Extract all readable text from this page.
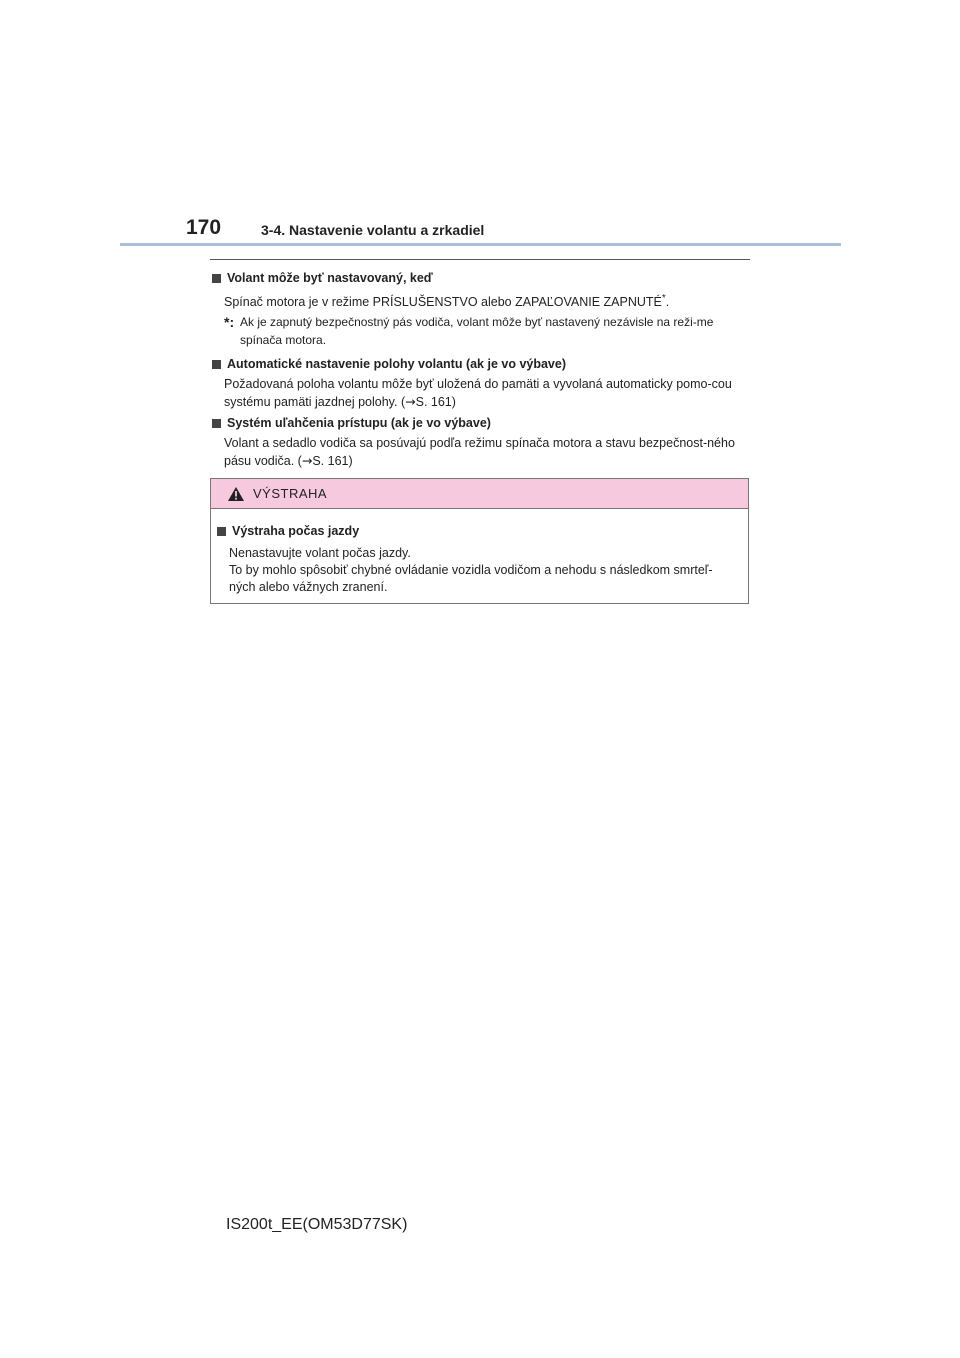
170	3-4. Nastavenie volantu a zrkadiel
Volant môže byť nastavovaný, keď
Spínač motora je v režime PRÍSLUŠENSTVO alebo ZAPAĽOVANIE ZAPNUTÉ*.
*: Ak je zapnutý bezpečnostný pás vodiča, volant môže byť nastavený nezávisle na reži-me spínača motora.
Automatické nastavenie polohy volantu (ak je vo výbave)
Požadovaná poloha volantu môže byť uložená do pamäti a vyvolaná automaticky pomo-cou systému pamäti jazdnej polohy. (→S. 161)
Systém uľahčenia prístupu (ak je vo výbave)
Volant a sedadlo vodiča sa posúvajú podľa režimu spínača motora a stavu bezpečnost-ného pásu vodiča. (→S. 161)
VÝSTRAHA
Výstraha počas jazdy
Nenastavujte volant počas jazdy.
To by mohlo spôsobiť chybné ovládanie vozidla vodičom a nehodu s následkom smrteľ-ných alebo vážnych zranení.
IS200t_EE(OM53D77SK)
